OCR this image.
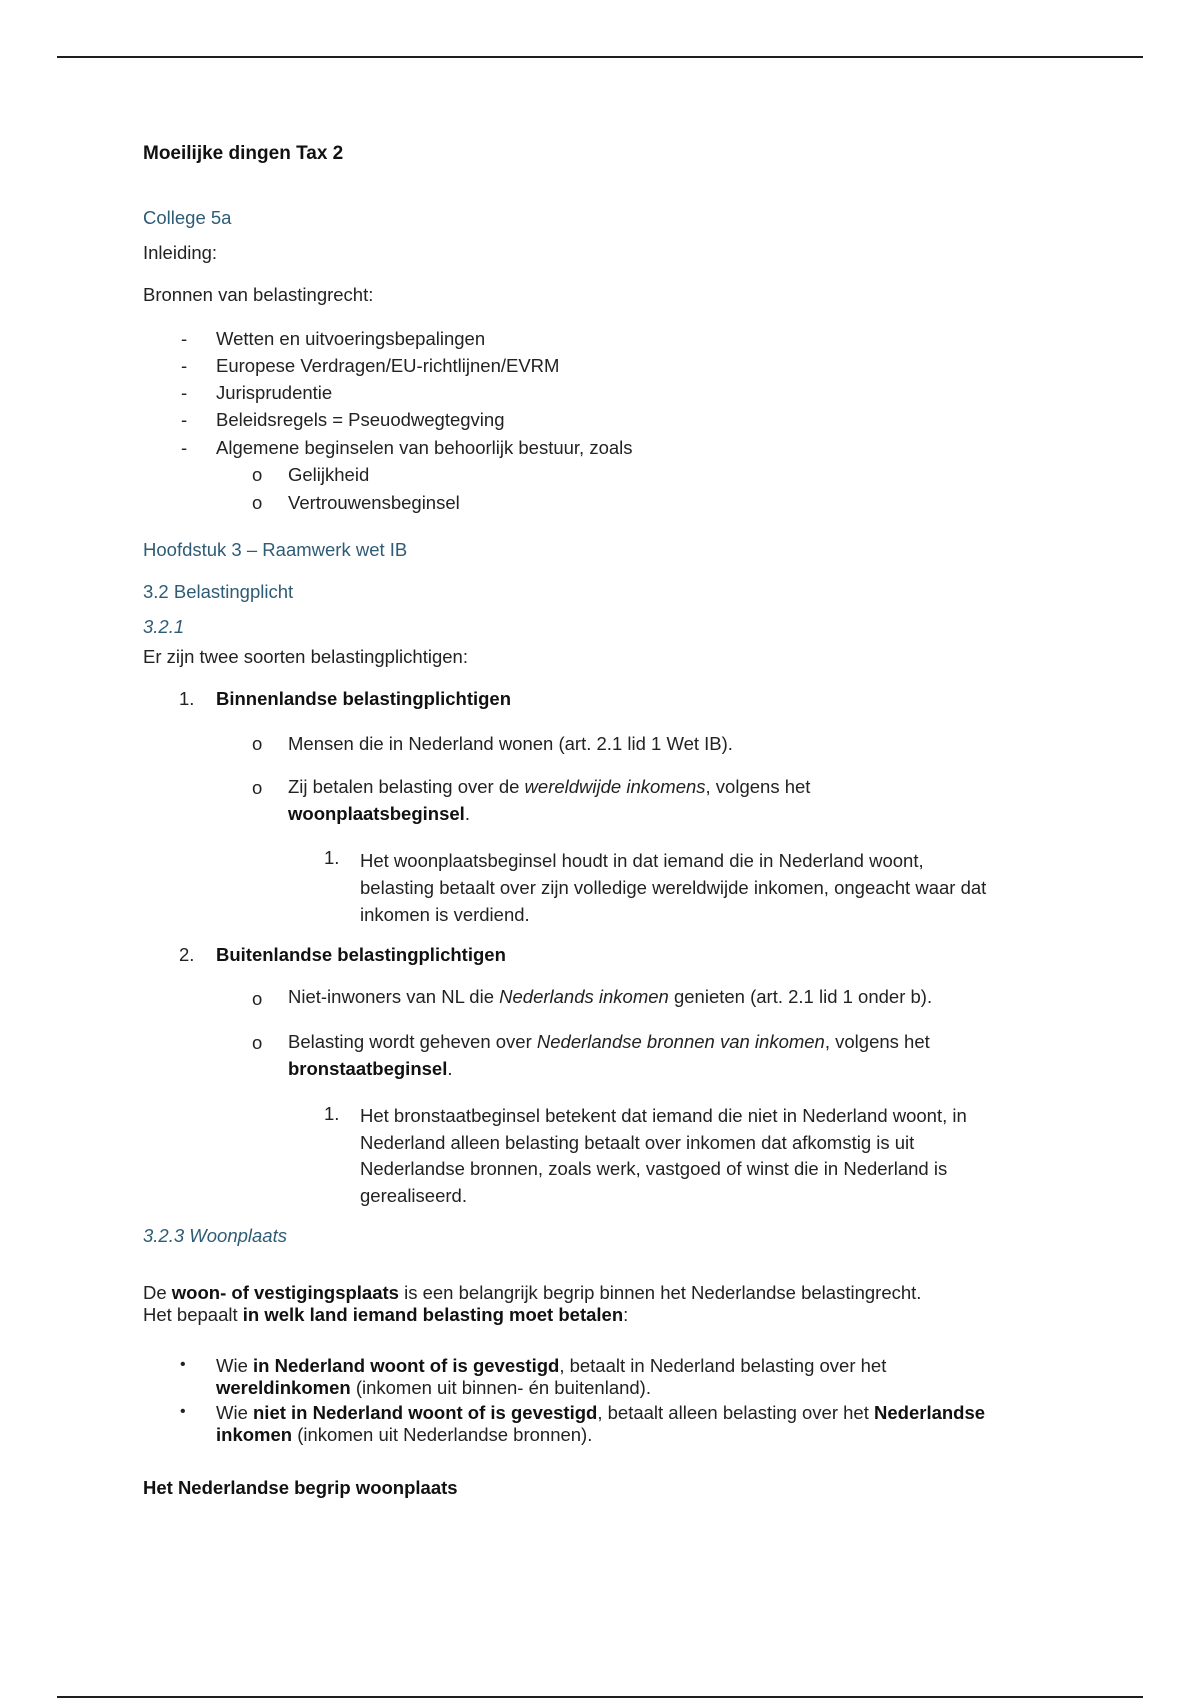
Moeilijke dingen Tax 2
College 5a
Inleiding:
Bronnen van belastingrecht:
- Wetten en uitvoeringsbepalingen
- Europese Verdragen/EU-richtlijnen/EVRM
- Jurisprudentie
- Beleidsregels = Pseuodwegtegving
- Algemene beginselen van behoorlijk bestuur, zoals
o Gelijkheid
o Vertrouwensbeginsel
Hoofdstuk 3 – Raamwerk wet IB
3.2 Belastingplicht
3.2.1
Er zijn twee soorten belastingplichtigen:
1. Binnenlandse belastingplichtigen
o Mensen die in Nederland wonen (art. 2.1 lid 1 Wet IB).
o Zij betalen belasting over de wereldwijde inkomens, volgens het
woonplaatsbeginsel.
1. Het woonplaatsbeginsel houdt in dat iemand die in Nederland woont,
belasting betaalt over zijn volledige wereldwijde inkomen, ongeacht waar dat
inkomen is verdiend.
2. Buitenlandse belastingplichtigen
o Niet-inwoners van NL die Nederlands inkomen genieten (art. 2.1 lid 1 onder b).
o Belasting wordt geheven over Nederlandse bronnen van inkomen, volgens het
bronstaatbeginsel.
1. Het bronstaatbeginsel betekent dat iemand die niet in Nederland woont, in
Nederland alleen belasting betaalt over inkomen dat afkomstig is uit
Nederlandse bronnen, zoals werk, vastgoed of winst die in Nederland is
gerealiseerd.
3.2.3 Woonplaats
De woon- of vestigingsplaats is een belangrijk begrip binnen het Nederlandse belastingrecht.
Het bepaalt in welk land iemand belasting moet betalen:
• Wie in Nederland woont of is gevestigd, betaalt in Nederland belasting over het
wereldinkomen (inkomen uit binnen- én buitenland).
• Wie niet in Nederland woont of is gevestigd, betaalt alleen belasting over het Nederlandse
inkomen (inkomen uit Nederlandse bronnen).
Het Nederlandse begrip woonplaats
